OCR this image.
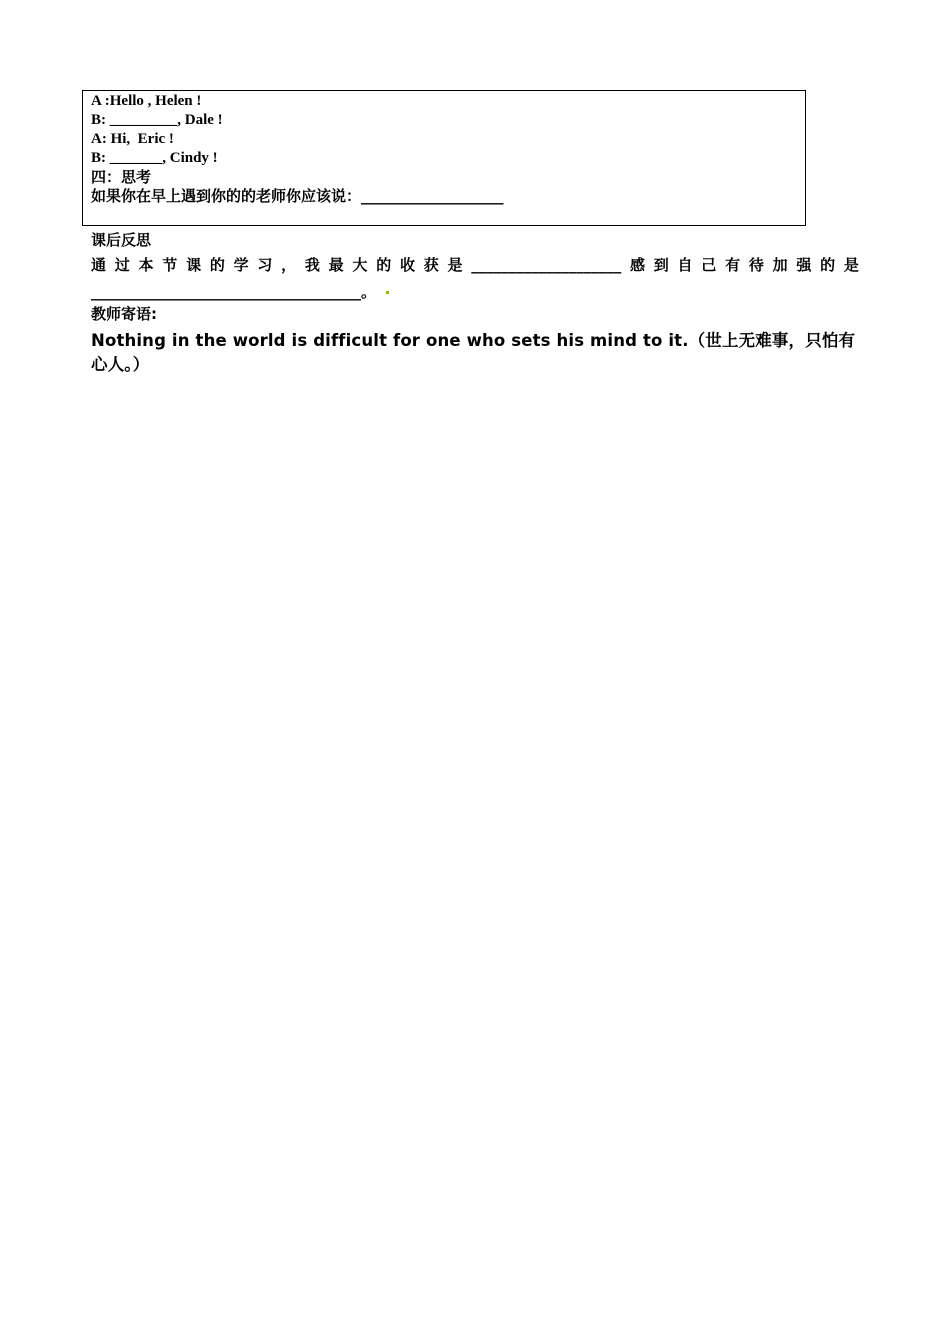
A :Hello , Helen !
B: _________, Dale !
A: Hi,  Eric !
B: _______, Cindy !
四：思考
如果你在早上遇到你的的老师你应该说：___________________
课后反思
通 过 本 节 课 的 学 习 ， 我 最 大 的 收 获 是 ____________________ 感 到 自 己 有 待 加 强 的 是
____________________________________。
教师寄语:
Nothing in the world is difficult for one who sets his mind to it.（世上无难事，只怕有心人。）
